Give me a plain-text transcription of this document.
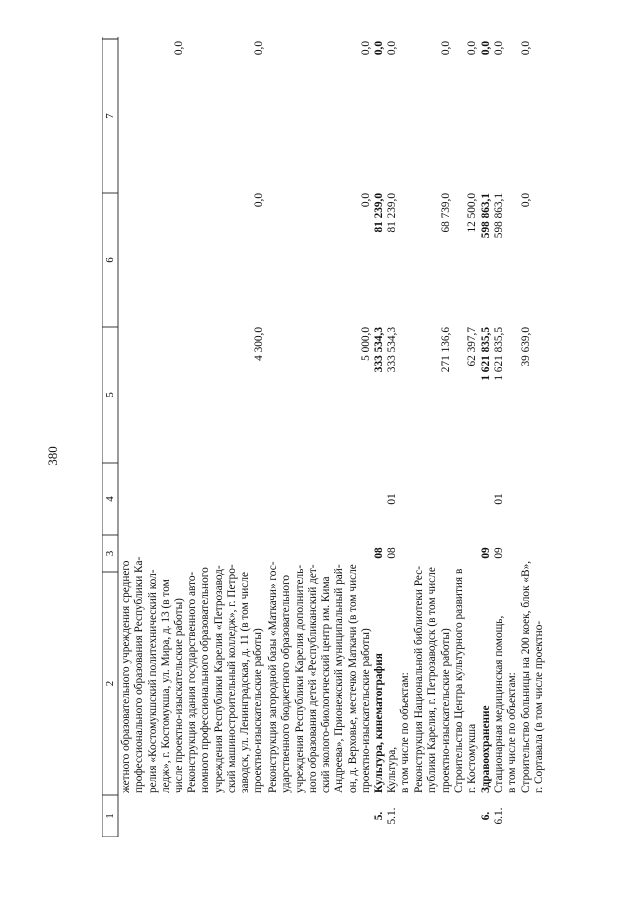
380
1
2
3
4
5
6
7
жетного образовательного учреждения среднего профессионального образования Республики Ка- релия «Костомукшский политехнический кол- ледж», г. Костомукша, ул. Мира, д. 13 (в том числе проектно-изыскательские работы)
0,0
Реконструкция здания государственного авто- номного профессионального образовательного учреждения Республики Карелия «Петрозавод- ский машиностроительный колледж», г. Петро- заводск, ул. Ленинградская, д. 11 (в том числе проектно-изыскательские работы)
4 300,0
0,0
0,0
Реконструкция загородной базы «Маткачи» гос- ударственного бюджетного образовательного учреждения Республики Карелия дополнитель- ного образования детей «Республиканский дет- ский эколого-биологический центр им. Кима Андреева», Прионежский муниципальный рай- он, д. Верховье, местечко Маткачи (в том числе проектно-изыскательские работы)
5 000,0
0,0
0,0
5.
Культура, кинематография
08
333 534,3
81 239,0
0,0
5.1.
Культура, в том числе по объектам:
08
01
333 534,3
81 239,0
0,0
Реконструкция Национальной библиотеки Рес- публики Карелия, г. Петрозаводск (в том числе проектно-изыскательские работы)
271 136,6
68 739,0
0,0
Строительство Центра культурного развития в г. Костомукша
62 397,7
12 500,0
0,0
6.
Здравоохранение
09
1 621 835,5
598 863,1
0,0
6.1.
Стационарная медицинская помощь, в том числе по объектам:
09
01
1 621 835,5
598 863,1
0,0
Строительство больницы на 200 коек, блок «В», г. Сортавала (в том числе проектно-
39 639,0
0,0
0,0
